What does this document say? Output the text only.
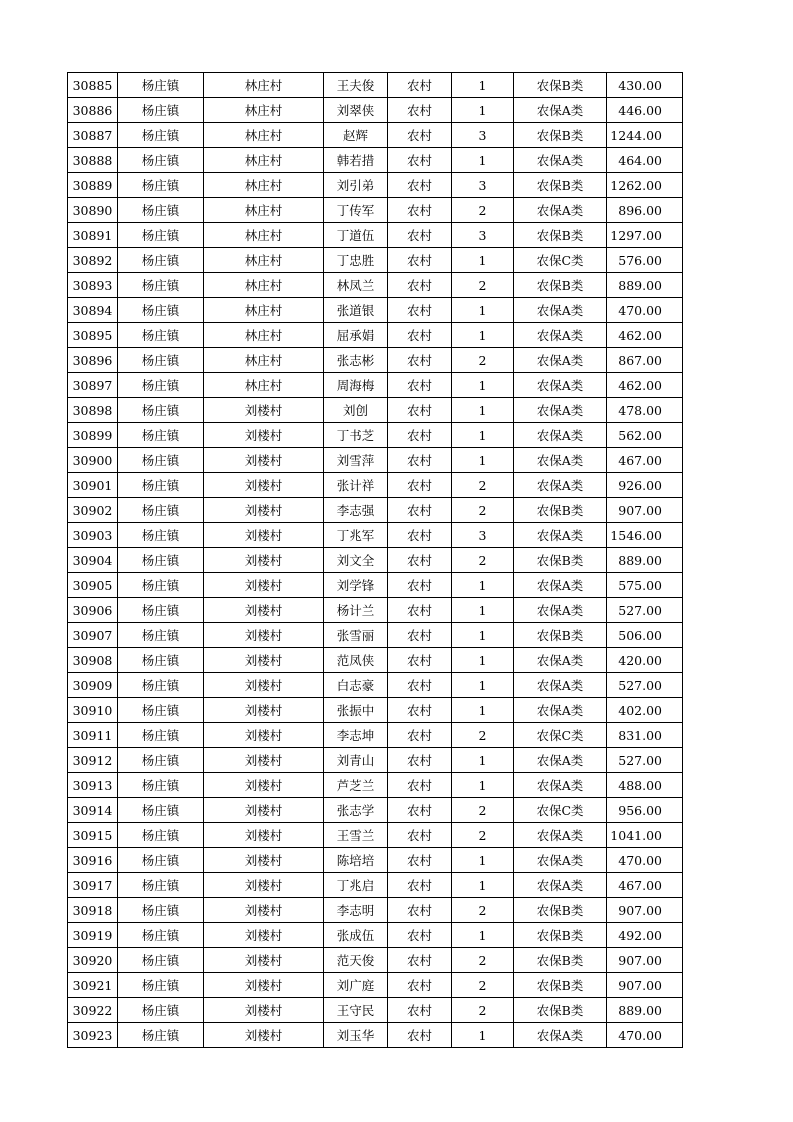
30885	杨庄镇	林庄村	王夫俊	农村	1	农保B类	430.00
30886	杨庄镇	林庄村	刘翠侠	农村	1	农保A类	446.00
30887	杨庄镇	林庄村	赵辉	农村	3	农保B类	1244.00
30888	杨庄镇	林庄村	韩若措	农村	1	农保A类	464.00
30889	杨庄镇	林庄村	刘引弟	农村	3	农保B类	1262.00
30890	杨庄镇	林庄村	丁传军	农村	2	农保A类	896.00
30891	杨庄镇	林庄村	丁道伍	农村	3	农保B类	1297.00
30892	杨庄镇	林庄村	丁忠胜	农村	1	农保C类	576.00
30893	杨庄镇	林庄村	林凤兰	农村	2	农保B类	889.00
30894	杨庄镇	林庄村	张道银	农村	1	农保A类	470.00
30895	杨庄镇	林庄村	屈承娟	农村	1	农保A类	462.00
30896	杨庄镇	林庄村	张志彬	农村	2	农保A类	867.00
30897	杨庄镇	林庄村	周海梅	农村	1	农保A类	462.00
30898	杨庄镇	刘楼村	刘创	农村	1	农保A类	478.00
30899	杨庄镇	刘楼村	丁书芝	农村	1	农保A类	562.00
30900	杨庄镇	刘楼村	刘雪萍	农村	1	农保A类	467.00
30901	杨庄镇	刘楼村	张计祥	农村	2	农保A类	926.00
30902	杨庄镇	刘楼村	李志强	农村	2	农保B类	907.00
30903	杨庄镇	刘楼村	丁兆军	农村	3	农保A类	1546.00
30904	杨庄镇	刘楼村	刘文全	农村	2	农保B类	889.00
30905	杨庄镇	刘楼村	刘学锋	农村	1	农保A类	575.00
30906	杨庄镇	刘楼村	杨计兰	农村	1	农保A类	527.00
30907	杨庄镇	刘楼村	张雪丽	农村	1	农保B类	506.00
30908	杨庄镇	刘楼村	范凤侠	农村	1	农保A类	420.00
30909	杨庄镇	刘楼村	白志豪	农村	1	农保A类	527.00
30910	杨庄镇	刘楼村	张振中	农村	1	农保A类	402.00
30911	杨庄镇	刘楼村	李志坤	农村	2	农保C类	831.00
30912	杨庄镇	刘楼村	刘青山	农村	1	农保A类	527.00
30913	杨庄镇	刘楼村	芦芝兰	农村	1	农保A类	488.00
30914	杨庄镇	刘楼村	张志学	农村	2	农保C类	956.00
30915	杨庄镇	刘楼村	王雪兰	农村	2	农保A类	1041.00
30916	杨庄镇	刘楼村	陈培培	农村	1	农保A类	470.00
30917	杨庄镇	刘楼村	丁兆启	农村	1	农保A类	467.00
30918	杨庄镇	刘楼村	李志明	农村	2	农保B类	907.00
30919	杨庄镇	刘楼村	张成伍	农村	1	农保B类	492.00
30920	杨庄镇	刘楼村	范天俊	农村	2	农保B类	907.00
30921	杨庄镇	刘楼村	刘广庭	农村	2	农保B类	907.00
30922	杨庄镇	刘楼村	王守民	农村	2	农保B类	889.00
30923	杨庄镇	刘楼村	刘玉华	农村	1	农保A类	470.00
